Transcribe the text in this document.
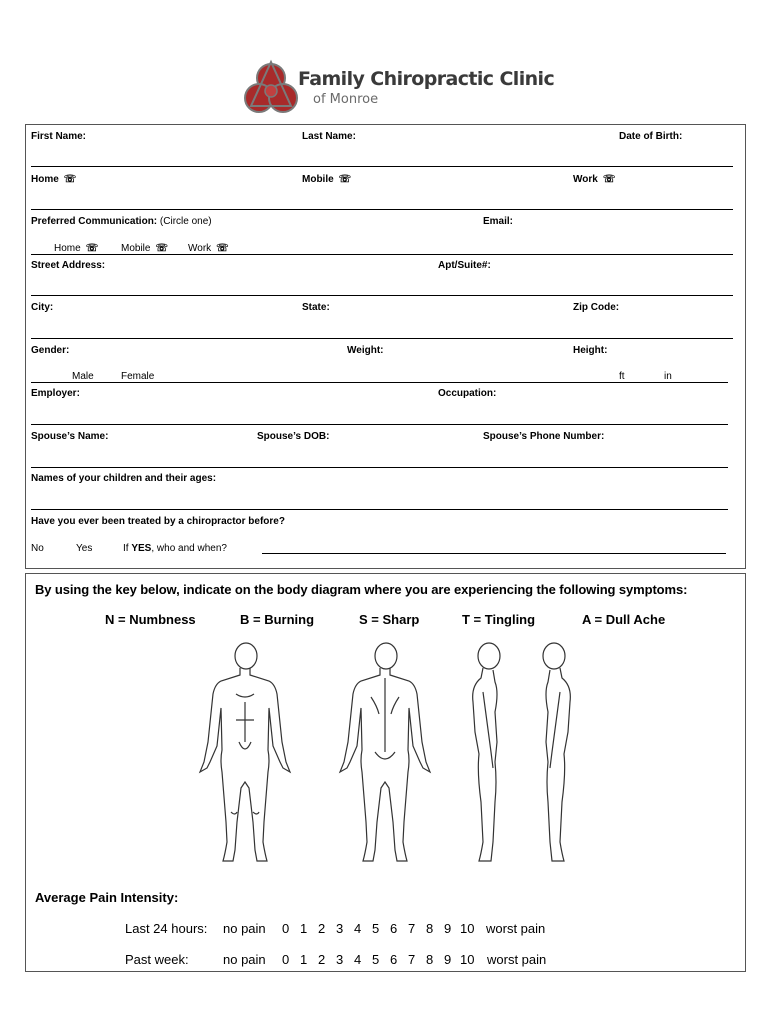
Family Chiropractic Clinic
of Monroe
First Name:	Last Name:	Date of Birth:
Home ☏	Mobile ☏	Work ☏
Preferred Communication: (Circle one)	Email:
Home ☏ Mobile ☏ Work ☏
Street Address:	Apt/Suite#:
City:	State:	Zip Code:
Gender:	Weight:	Height:
Male	Female	ft	in
Employer:	Occupation:
Spouse’s Name:	Spouse’s DOB:	Spouse’s Phone Number:
Names of your children and their ages:
Have you ever been treated by a chiropractor before?
No	Yes	If YES, who and when?
By using the key below, indicate on the body diagram where you are experiencing the following symptoms:
N = Numbness	B = Burning	S = Sharp	T = Tingling	A = Dull Ache
Average Pain Intensity:
Last 24 hours: no pain 0 1 2 3 4 5 6 7 8 9 10 worst pain
Past week:	no pain 0 1 2 3 4 5 6 7 8 9 10 worst pain
